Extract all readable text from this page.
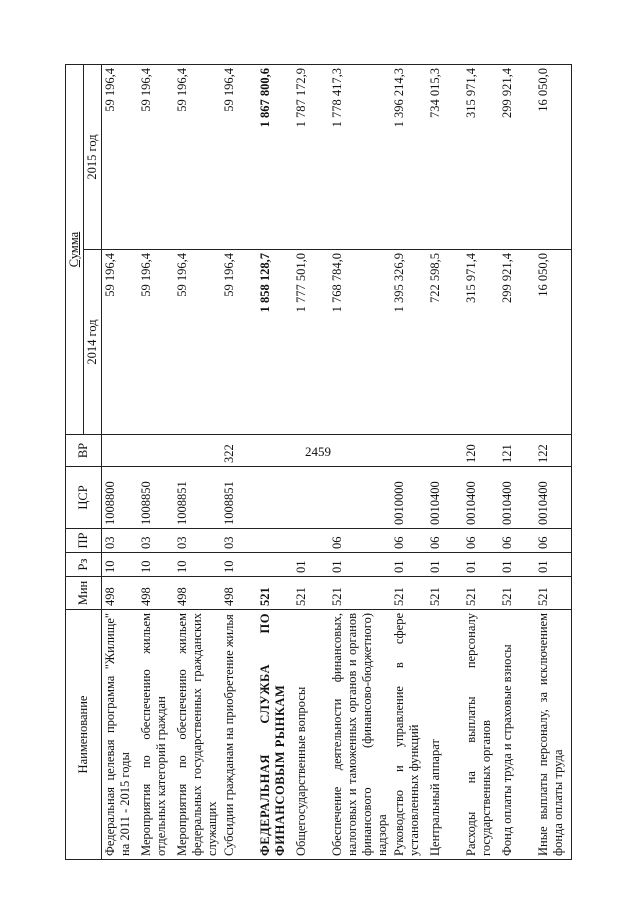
2459
Наименование	Мин	Рз	ПР	ЦСР	ВР	Сумма	
						2014 год	2015 год
Федеральная целевая программа "Жилище" на 2011 - 2015 годы	498	10	03	1008800		59 196,4	59 196,4
Мероприятия по обеспечению жильем отдельных категорий граждан	498	10	03	1008850		59 196,4	59 196,4
Мероприятия по обеспечению жильем федеральных государственных гражданских служащих	498	10	03	1008851		59 196,4	59 196,4
Субсидии гражданам на приобретение жилья	498	10	03	1008851	322	59 196,4	59 196,4
ФЕДЕРАЛЬНАЯ СЛУЖБА ПО ФИНАНСОВЫМ РЫНКАМ	521					1 858 128,7	1 867 800,6
Общегосударственные вопросы	521	01				1 777 501,0	1 787 172,9
Обеспечение деятельности финансовых, налоговых и таможенных органов и органов финансового (финансово-бюджетного) надзора	521	01	06			1 768 784,0	1 778 417,3
Руководство и управление в сфере установленных функций	521	01	06	0010000		1 395 326,9	1 396 214,3
Центральный аппарат	521	01	06	0010400		722 598,5	734 015,3
Расходы на выплаты персоналу государственных органов	521	01	06	0010400	120	315 971,4	315 971,4
Фонд оплаты труда и страховые взносы	521	01	06	0010400	121	299 921,4	299 921,4
Иные выплаты персоналу, за исключением фонда оплаты труда	521	01	06	0010400	122	16 050,0	16 050,0
